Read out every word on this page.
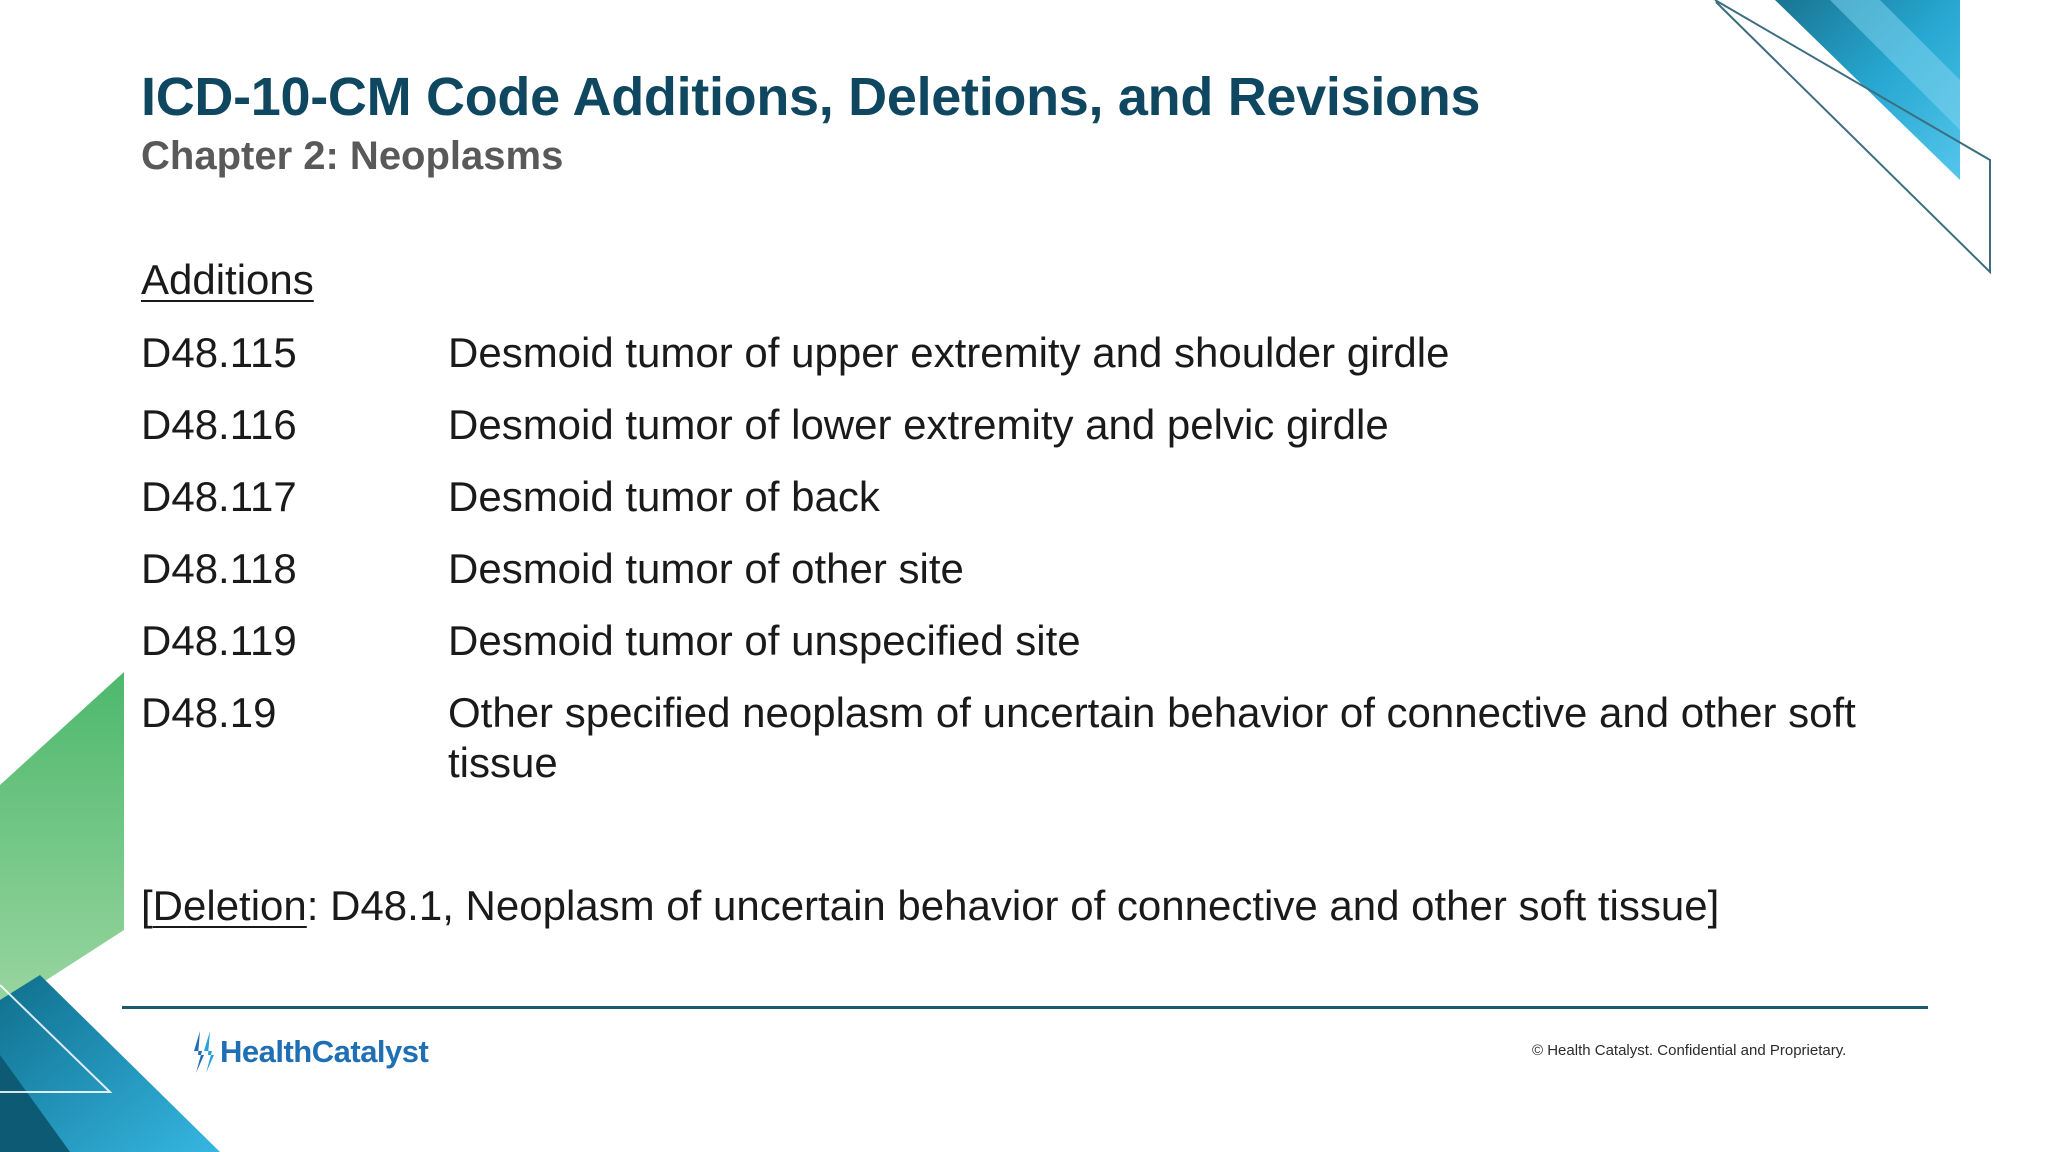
ICD-10-CM Code Additions, Deletions, and Revisions
Chapter 2: Neoplasms

Additions

D48.115	Desmoid tumor of upper extremity and shoulder girdle
D48.116	Desmoid tumor of lower extremity and pelvic girdle
D48.117	Desmoid tumor of back
D48.118	Desmoid tumor of other site
D48.119	Desmoid tumor of unspecified site
D48.19	Other specified neoplasm of uncertain behavior of connective and other soft tissue

[Deletion: D48.1, Neoplasm of uncertain behavior of connective and other soft tissue]

HealthCatalyst	© Health Catalyst. Confidential and Proprietary.
